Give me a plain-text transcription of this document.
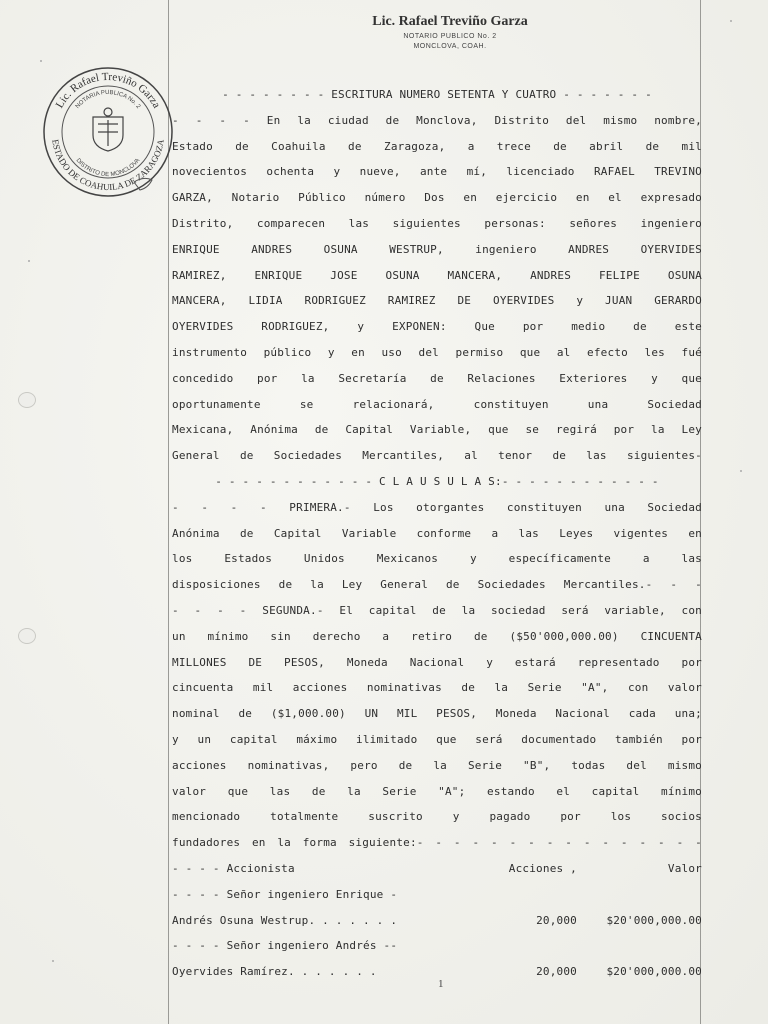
Lic. Rafael Treviño Garza
NOTARIO PUBLICO No. 2
MONCLOVA, COAH.
Lic. Rafael Treviño Garza
NOTARIA PUBLICA No. 2
DISTRITO DE MONCLOVA
ESTADO DE COAHUILA DE ZARAGOZA
- - - - - - - - ESCRITURA NUMERO SETENTA Y CUATRO - - - - - - -
- - - - En la ciudad de Monclova, Distrito del mismo nombre,
Estado de Coahuila de Zaragoza, a trece de abril de mil
novecientos ochenta y nueve, ante mí, licenciado RAFAEL TREVINO
GARZA, Notario Público número Dos en ejercicio en el expresado
Distrito, comparecen las siguientes personas: señores ingeniero
ENRIQUE ANDRES OSUNA WESTRUP, ingeniero ANDRES OYERVIDES
RAMIREZ, ENRIQUE JOSE OSUNA MANCERA, ANDRES FELIPE OSUNA
MANCERA, LIDIA RODRIGUEZ RAMIREZ DE OYERVIDES y JUAN GERARDO
OYERVIDES RODRIGUEZ, y EXPONEN: Que por medio de este
instrumento público y en uso del permiso que al efecto les fué
concedido por la Secretaría de Relaciones Exteriores y que
oportunamente se relacionará, constituyen una Sociedad
Mexicana, Anónima de Capital Variable, que se regirá por la Ley
General de Sociedades Mercantiles, al tenor de las siguientes-
- - - - - - - - - - - - C L A U S U L A S:- - - - - - - - - - - -
- - - - PRIMERA.- Los otorgantes constituyen una Sociedad
Anónima de Capital Variable conforme a las Leyes vigentes en
los Estados Unidos Mexicanos y específicamente a las
disposiciones de la Ley General de Sociedades Mercantiles.- - -
- - - - SEGUNDA.- El capital de la sociedad será variable, con
un mínimo sin derecho a retiro de ($50'000,000.00) CINCUENTA
MILLONES DE PESOS, Moneda Nacional y estará representado por
cincuenta mil acciones nominativas de la Serie "A", con valor
nominal de ($1,000.00) UN MIL PESOS, Moneda Nacional cada una;
y un capital máximo ilimitado que será documentado también por
acciones nominativas, pero de la Serie "B", todas del mismo
valor que las de la Serie "A"; estando el capital mínimo
mencionado totalmente suscrito y pagado por los socios
fundadores en la forma siguiente:- - - - - - - - - - - - - - - -
- - - - Accionista	Acciones ,	Valor
- - - - Señor ingeniero Enrique -
Andrés Osuna Westrup. . . . . . .	20,000	$20'000,000.00
- - - - Señor ingeniero Andrés --
Oyervides Ramírez. . . . . . .	20,000	$20'000,000.00
1
